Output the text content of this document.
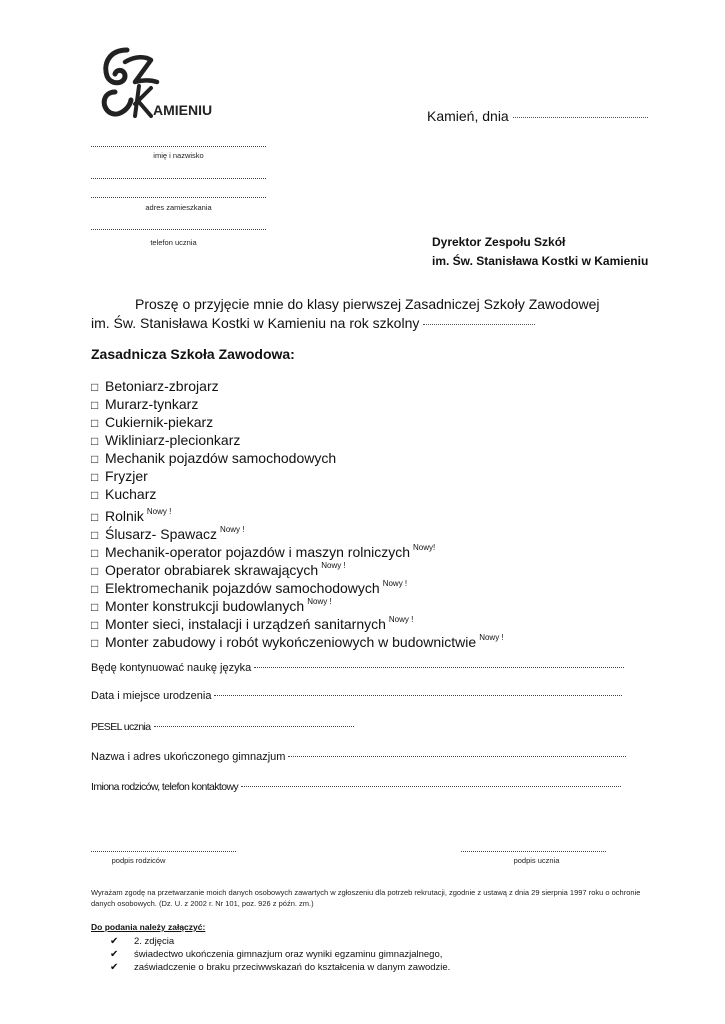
AMIENIU	Kamień, dnia
imię i nazwisko
adres zamieszkania
telefon ucznia	Dyrektor Zespołu Szkół
im. Św. Stanisława Kostki w Kamieniu
Proszę o przyjęcie mnie do klasy pierwszej Zasadniczej Szkoły Zawodowej
im. Św. Stanisława Kostki w Kamieniu na rok szkolny
Zasadnicza Szkoła Zawodowa:
□ Betoniarz-zbrojarz
□ Murarz-tynkarz
□ Cukiernik-piekarz
□ Wikliniarz-plecionkarz
□ Mechanik pojazdów samochodowych
□ Fryzjer
□ Kucharz
□ Rolnik $^{Nowy !}$
□ Ślusarz- Spawacz $^{Nowy !}$
□ Mechanik-operator pojazdów i maszyn rolniczych $^{Nowy!}$
□ Operator obrabiarek skrawających $^{Nowy !}$
□ Elektromechanik pojazdów samochodowych $^{Nowy !}$
□ Monter konstrukcji budowlanych $^{Nowy !}$
□ Monter sieci, instalacji i urządzeń sanitarnych $^{Nowy !}$
□ Monter zabudowy i robót wykończeniowych w budownictwie $^{Nowy !}$
Będę kontynuować naukę języka
Data i miejsce urodzenia
PESEL ucznia
Nazwa i adres ukończonego gimnazjum
Imiona rodziców, telefon kontaktowy
podpis rodziców	podpis ucznia
Wyrażam zgodę na przetwarzanie moich danych osobowych zawartych w zgłoszeniu dla potrzeb rekrutacji, zgodnie z ustawą z dnia 29 sierpnia 1997 roku o ochronie danych osobowych. (Dz. U. z 2002 r. Nr 101, poz. 926 z późn. zm.)
Do podania należy załączyć:
✔ 2. zdjęcia
✔ świadectwo ukończenia gimnazjum oraz wyniki egzaminu gimnazjalnego,
✔ zaświadczenie o braku przeciwwskazań do kształcenia w danym zawodzie.
